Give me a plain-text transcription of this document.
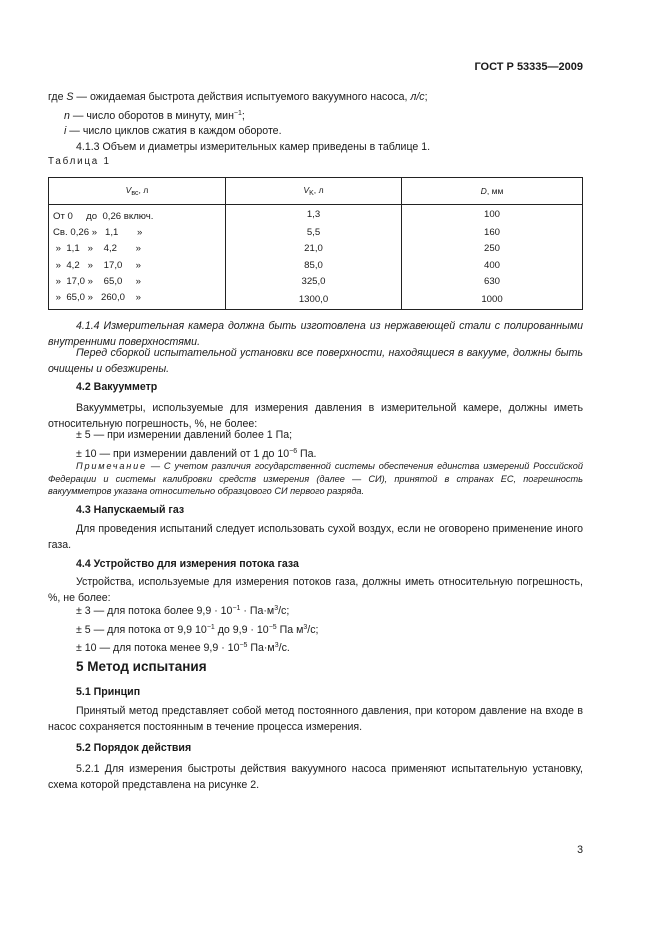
ГОСТ Р 53335—2009
где S — ожидаемая быстрота действия испытуемого вакуумного насоса, л/с;
n — число оборотов в минуту, мин$^{-1}$;
i — число циклов сжатия в каждом обороте.
4.1.3 Объем и диаметры измерительных камер приведены в таблице 1.
Таблица 1
$V_{вс}$, л	$V_K$, л	D, мм
От 0     до  0,26 включ.	1,3	100
Св. 0,26 »   1,1       »	5,5	160
»  1,1   »    4,2       »	21,0	250
»  4,2   »    17,0     »	85,0	400
»  17,0 »    65,0     »	325,0	630
»  65,0 »   260,0    »	1300,0	1000
4.1.4 Измерительная камера должна быть изготовлена из нержавеющей стали с полированными внутренними поверхностями.
Перед сборкой испытательной установки все поверхности, находящиеся в вакууме, должны быть очищены и обезжирены.
4.2 Вакуумметр
Вакуумметры, используемые для измерения давления в измерительной камере, должны иметь относительную погрешность, %, не более:
± 5 — при измерении давлений более 1 Па;
± 10 — при измерении давлений от 1 до $10^{-6}$ Па.
Примечание — С учетом различия государственной системы обеспечения единства измерений Российской Федерации и системы калибровки средств измерения (далее — СИ), принятой в странах ЕС, погрешность вакуумметров указана относительно образцового СИ первого разряда.
4.3 Напускаемый газ
Для проведения испытаний следует использовать сухой воздух, если не оговорено применение иного газа.
4.4 Устройство для измерения потока газа
Устройства, используемые для измерения потоков газа, должны иметь относительную погрешность, %, не более:
± 3 — для потока более $9,9 \cdot 10^{-1} \cdot Па\cdot м^3/с$;
± 5 — для потока от 9,9 $10^{-1}$ до $9,9 \cdot 10^{-5}$ Па $м^3/с$;
± 10 — для потока менее $9,9 \cdot 10^{-5}$ $Па\cdot м^3/с$.
5 Метод испытания
5.1 Принцип
Принятый метод представляет собой метод постоянного давления, при котором давление на входе в насос сохраняется постоянным в течение процесса измерения.
5.2 Порядок действия
5.2.1 Для измерения быстроты действия вакуумного насоса применяют испытательную установку, схема которой представлена на рисунке 2.
3
